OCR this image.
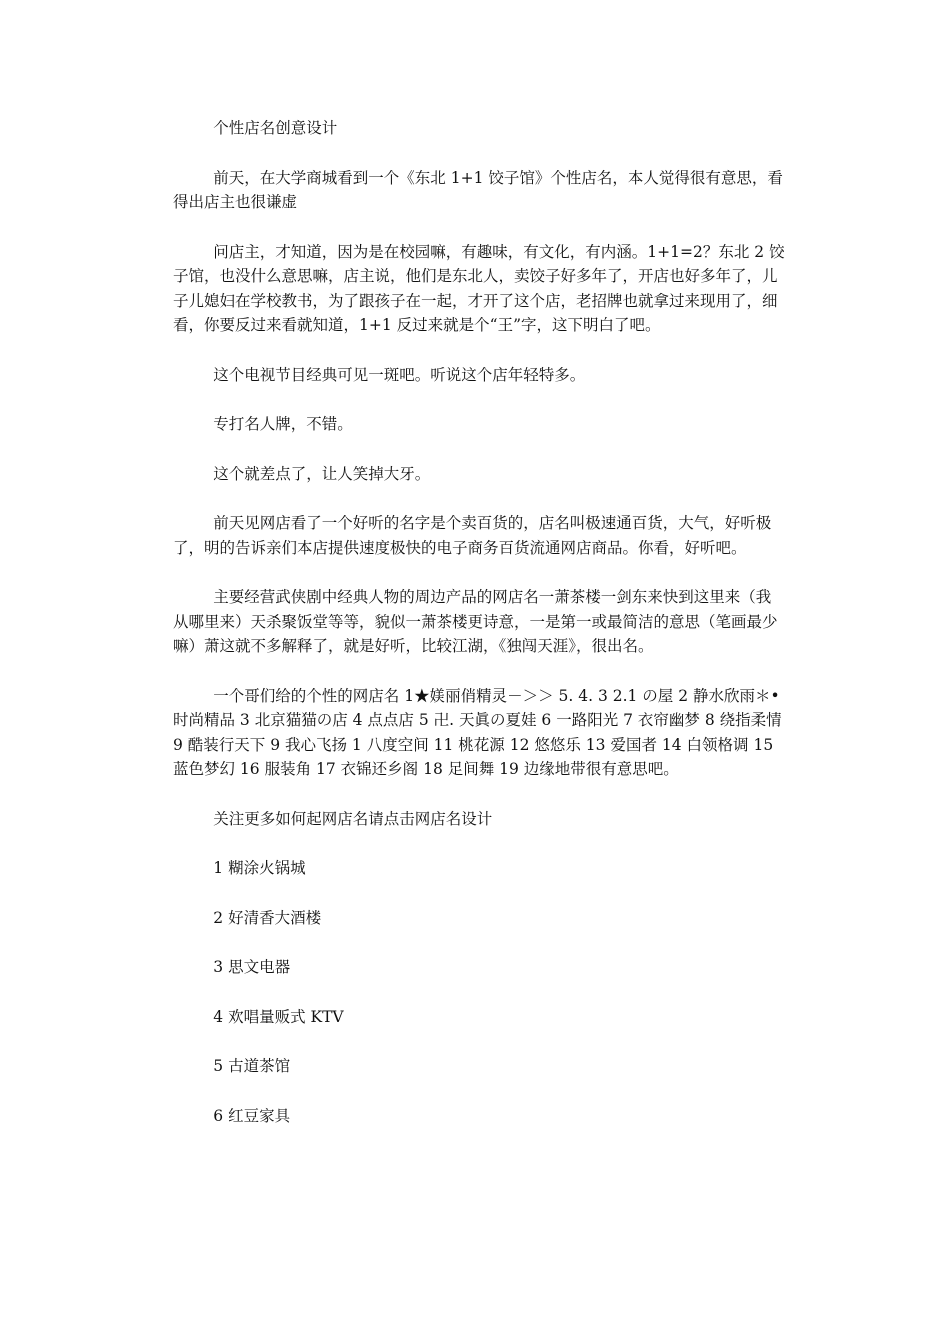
个性店名创意设计

前天，在大学商城看到一个《东北 1+1 饺子馆》个性店名，本人觉得很有意思，看得出店主也很谦虚

问店主，才知道，因为是在校园嘛，有趣味，有文化，有内涵。1+1=2？东北 2 饺子馆，也没什么意思嘛，店主说，他们是东北人，卖饺子好多年了，开店也好多年了，儿子儿媳妇在学校教书，为了跟孩子在一起，才开了这个店，老招牌也就拿过来现用了，细看，你要反过来看就知道，1+1 反过来就是个“王”字，这下明白了吧。

这个电视节目经典可见一斑吧。听说这个店年轻特多。

专打名人牌，不错。

这个就差点了，让人笑掉大牙。

前天见网店看了一个好听的名字是个卖百货的，店名叫极速通百货，大气，好听极了，明的告诉亲们本店提供速度极快的电子商务百货流通网店商品。你看，好听吧。

主要经营武侠剧中经典人物的周边产品的网店名一萧茶楼一剑东来快到这里来（我从哪里来）天杀聚饭堂等等，貌似一萧茶楼更诗意，一是第一或最简洁的意思（笔画最少嘛）萧这就不多解释了，就是好听，比较江湖，《独闯天涯》，很出名。

一个哥们给的个性的网店名 1★媄丽俏精灵－＞＞ 5. 4. 3 2.1 の屋 2 静水欣雨＊•时尚精品 3 北京猫猫の店 4 点点店 5 卍. 天眞の夏娃 6 一路阳光 7 衣帘幽梦 8 绕指柔情 9 酷装行天下 9 我心飞扬 1 八度空间 11 桃花源 12 悠悠乐 13 爱国者 14 白领格调 15 蓝色梦幻 16 服装角 17 衣锦还乡阁 18 足间舞 19 边缘地带很有意思吧。

关注更多如何起网店名请点击网店名设计

1 糊涂火锅城

2 好清香大酒楼

3 思文电器

4 欢唱量贩式 KTV

5 古道茶馆

6 红豆家具
